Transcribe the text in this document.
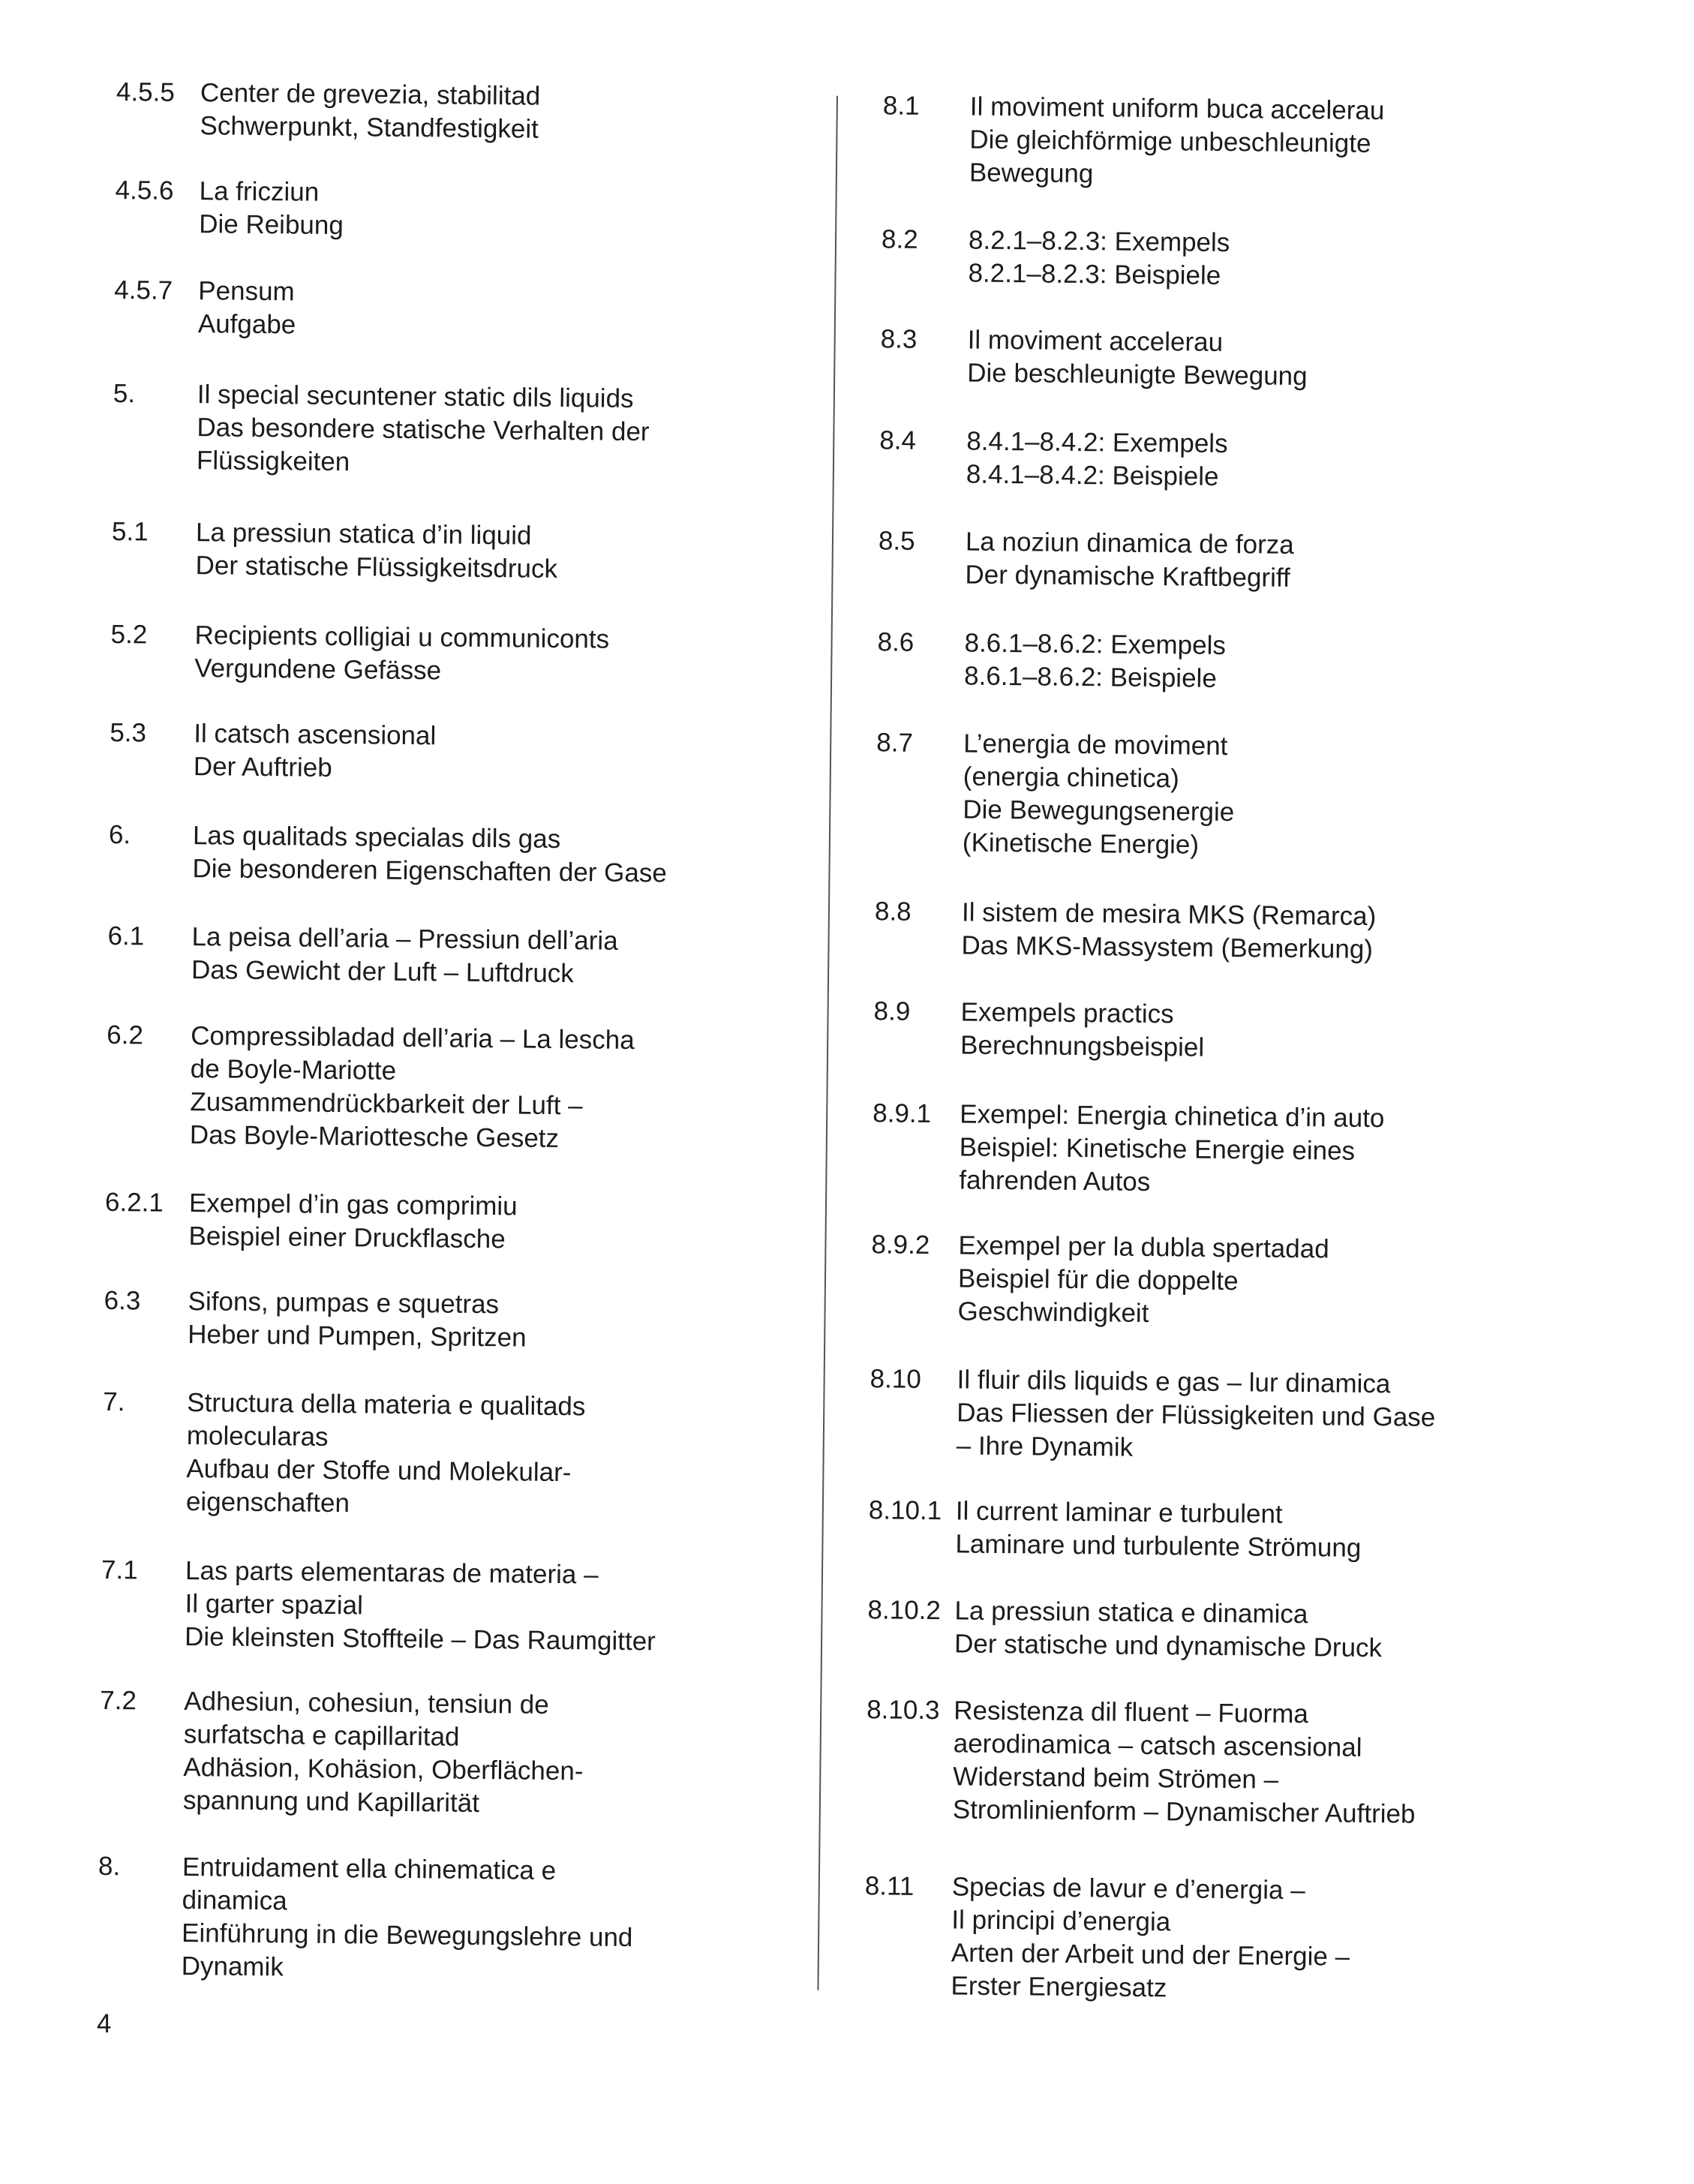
4.5.5 Center de grevezia, stabilitad
Schwerpunkt, Standfestigkeit
4.5.6 La fricziun
Die Reibung
4.5.7 Pensum
Aufgabe
5. Il special secuntener static dils liquids
Das besondere statische Verhalten der
Flüssigkeiten
5.1 La pressiun statica d’in liquid
Der statische Flüssigkeitsdruck
5.2 Recipients colligiai u communiconts
Vergundene Gefässe
5.3 Il catsch ascensional
Der Auftrieb
6. Las qualitads specialas dils gas
Die besonderen Eigenschaften der Gase
6.1 La peisa dell’aria – Pressiun dell’aria
Das Gewicht der Luft – Luftdruck
6.2 Compressibladad dell’aria – La lescha
de Boyle-Mariotte
Zusammendrückbarkeit der Luft –
Das Boyle-Mariottesche Gesetz
6.2.1 Exempel d’in gas comprimiu
Beispiel einer Druckflasche
6.3 Sifons, pumpas e squetras
Heber und Pumpen, Spritzen
7. Structura della materia e qualitads
molecularas
Aufbau der Stoffe und Molekular-
eigenschaften
7.1 Las parts elementaras de materia –
Il garter spazial
Die kleinsten Stoffteile – Das Raumgitter
7.2 Adhesiun, cohesiun, tensiun de
surfatscha e capillaritad
Adhäsion, Kohäsion, Oberflächen-
spannung und Kapillarität
8. Entruidament ella chinematica e
dinamica
Einführung in die Bewegungslehre und
Dynamik
8.1 Il moviment uniform buca accelerau
Die gleichförmige unbeschleunigte
Bewegung
8.2 8.2.1–8.2.3: Exempels
8.2.1–8.2.3: Beispiele
8.3 Il moviment accelerau
Die beschleunigte Bewegung
8.4 8.4.1–8.4.2: Exempels
8.4.1–8.4.2: Beispiele
8.5 La noziun dinamica de forza
Der dynamische Kraftbegriff
8.6 8.6.1–8.6.2: Exempels
8.6.1–8.6.2: Beispiele
8.7 L’energia de moviment
(energia chinetica)
Die Bewegungsenergie
(Kinetische Energie)
8.8 Il sistem de mesira MKS (Remarca)
Das MKS-Massystem (Bemerkung)
8.9 Exempels practics
Berechnungsbeispiel
8.9.1 Exempel: Energia chinetica d’in auto
Beispiel: Kinetische Energie eines
fahrenden Autos
8.9.2 Exempel per la dubla spertadad
Beispiel für die doppelte
Geschwindigkeit
8.10 Il fluir dils liquids e gas – lur dinamica
Das Fliessen der Flüssigkeiten und Gase
– Ihre Dynamik
8.10.1 Il current laminar e turbulent
Laminare und turbulente Strömung
8.10.2 La pressiun statica e dinamica
Der statische und dynamische Druck
8.10.3 Resistenza dil fluent – Fuorma
aerodinamica – catsch ascensional
Widerstand beim Strömen –
Stromlinienform – Dynamischer Auftrieb
8.11 Specias de lavur e d’energia –
Il principi d’energia
Arten der Arbeit und der Energie –
Erster Energiesatz
4
